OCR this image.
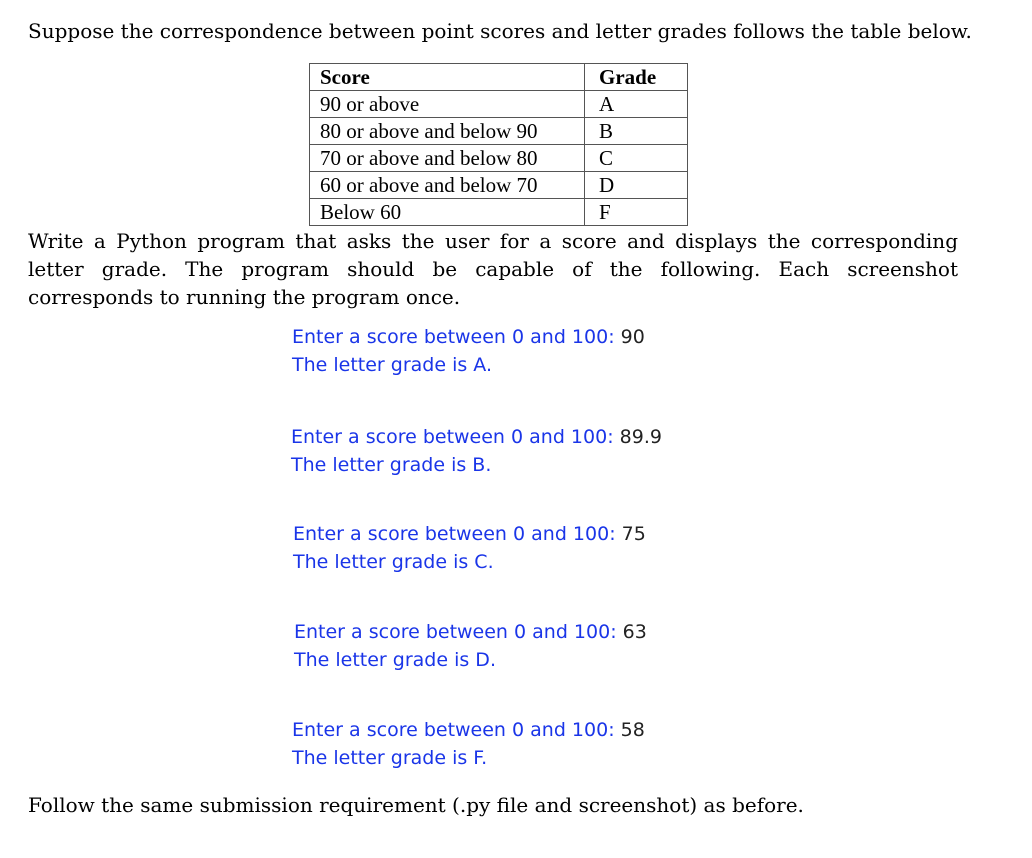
Suppose the correspondence between point scores and letter grades follows the table below.
Score	Grade
90 or above	A
80 or above and below 90	B
70 or above and below 80	C
60 or above and below 70	D
Below 60	F
Write a Python program that asks the user for a score and displays the corresponding letter grade. The program should be capable of the following. Each screenshot corresponds to running the program once.
Enter a score between 0 and 100: 90
The letter grade is A.
Enter a score between 0 and 100: 89.9
The letter grade is B.
Enter a score between 0 and 100: 75
The letter grade is C.
Enter a score between 0 and 100: 63
The letter grade is D.
Enter a score between 0 and 100: 58
The letter grade is F.
Follow the same submission requirement (.py file and screenshot) as before.
